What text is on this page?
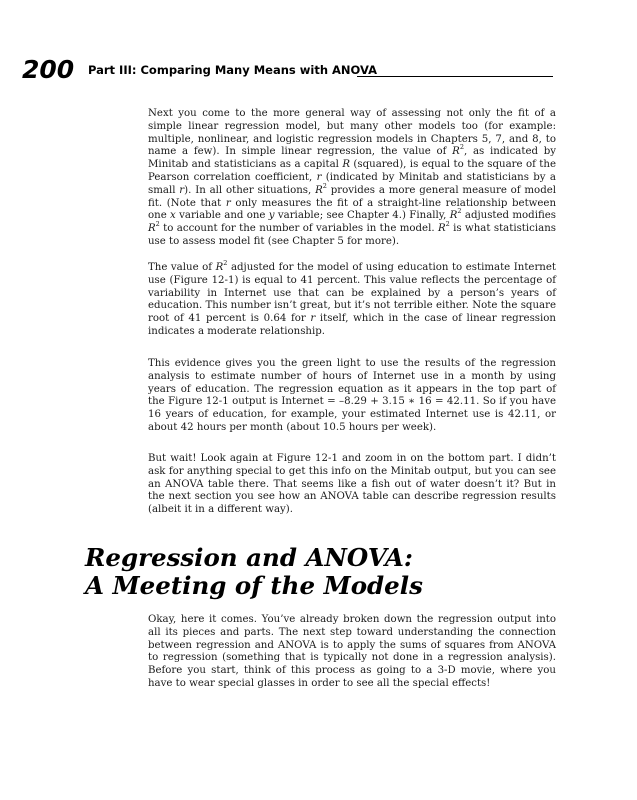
200 Part III: Comparing Many Means with ANOVA

Next you come to the more general way of assessing not only the fit of a simple linear regression model, but many other models too (for example: multiple, nonlinear, and logistic regression models in Chapters 5, 7, and 8, to name a few). In simple linear regression, the value of $R^2$, as indicated by Minitab and statisticians as a capital R (squared), is equal to the square of the Pearson correlation coefficient, r (indicated by Minitab and statisticians by a small r). In all other situations, $R^2$ provides a more general measure of model fit. (Note that r only measures the fit of a straight-line relationship between one x variable and one y variable; see Chapter 4.) Finally, $R^2$ adjusted modifies $R^2$ to account for the number of variables in the model. $R^2$ is what statisticians use to assess model fit (see Chapter 5 for more).

The value of $R^2$ adjusted for the model of using education to estimate Internet use (Figure 12-1) is equal to 41 percent. This value reflects the percentage of variability in Internet use that can be explained by a person’s years of education. This number isn’t great, but it’s not terrible either. Note the square root of 41 percent is 0.64 for r itself, which in the case of linear regression indicates a moderate relationship.

This evidence gives you the green light to use the results of the regression analysis to estimate number of hours of Internet use in a month by using years of education. The regression equation as it appears in the top part of the Figure 12-1 output is Internet = –8.29 + 3.15 ∗ 16 = 42.11. So if you have 16 years of education, for example, your estimated Internet use is 42.11, or about 42 hours per month (about 10.5 hours per week).

But wait! Look again at Figure 12-1 and zoom in on the bottom part. I didn’t ask for anything special to get this info on the Minitab output, but you can see an ANOVA table there. That seems like a fish out of water doesn’t it? But in the next section you see how an ANOVA table can describe regression results (albeit it in a different way).

Regression and ANOVA:
A Meeting of the Models

Okay, here it comes. You’ve already broken down the regression output into all its pieces and parts. The next step toward understanding the connection between regression and ANOVA is to apply the sums of squares from ANOVA to regression (something that is typically not done in a regression analysis). Before you start, think of this process as going to a 3-D movie, where you have to wear special glasses in order to see all the special effects!
